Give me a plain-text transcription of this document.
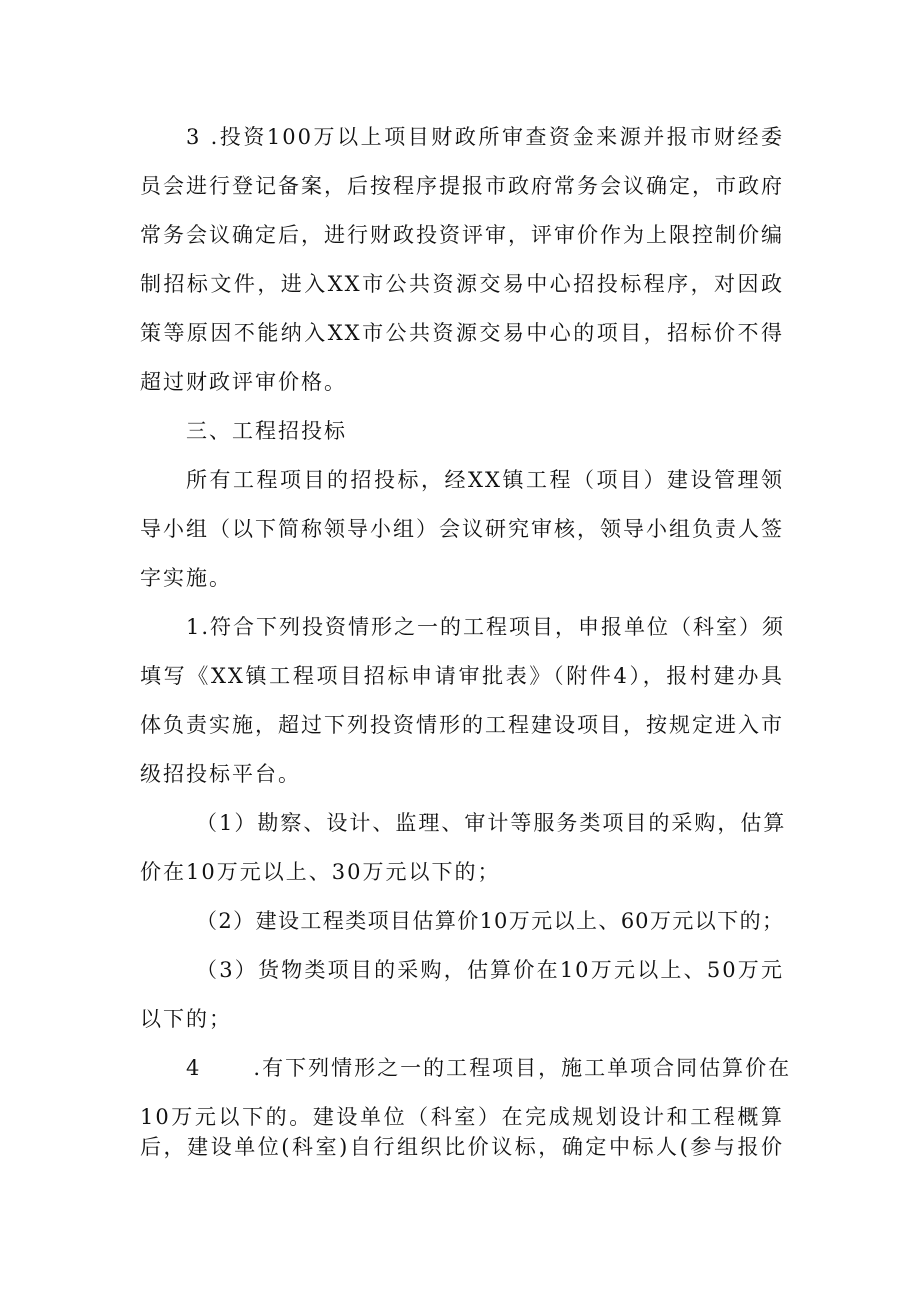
3 .投资100万以上项目财政所审查资金来源并报市财经委
员会进行登记备案，后按程序提报市政府常务会议确定，市政府
常务会议确定后，进行财政投资评审，评审价作为上限控制价编
制招标文件，进入XX市公共资源交易中心招投标程序，对因政
策等原因不能纳入XX市公共资源交易中心的项目，招标价不得
超过财政评审价格。
三、工程招投标
所有工程项目的招投标，经XX镇工程（项目）建设管理领
导小组（以下简称领导小组）会议研究审核，领导小组负责人签
字实施。
1.符合下列投资情形之一的工程项目，申报单位（科室）须
填写《XX镇工程项目招标申请审批表》（附件4），报村建办具
体负责实施，超过下列投资情形的工程建设项目，按规定进入市
级招投标平台。
（1）勘察、设计、监理、审计等服务类项目的采购，估算
价在10万元以上、30万元以下的；
（2）建设工程类项目估算价10万元以上、60万元以下的；
（3）货物类项目的采购，估算价在10万元以上、50万元
以下的；
4      .有下列情形之一的工程项目，施工单项合同估算价在
10万元以下的。建设单位（科室）在完成规划设计和工程概算
后，建设单位(科室)自行组织比价议标，确定中标人(参与报价
